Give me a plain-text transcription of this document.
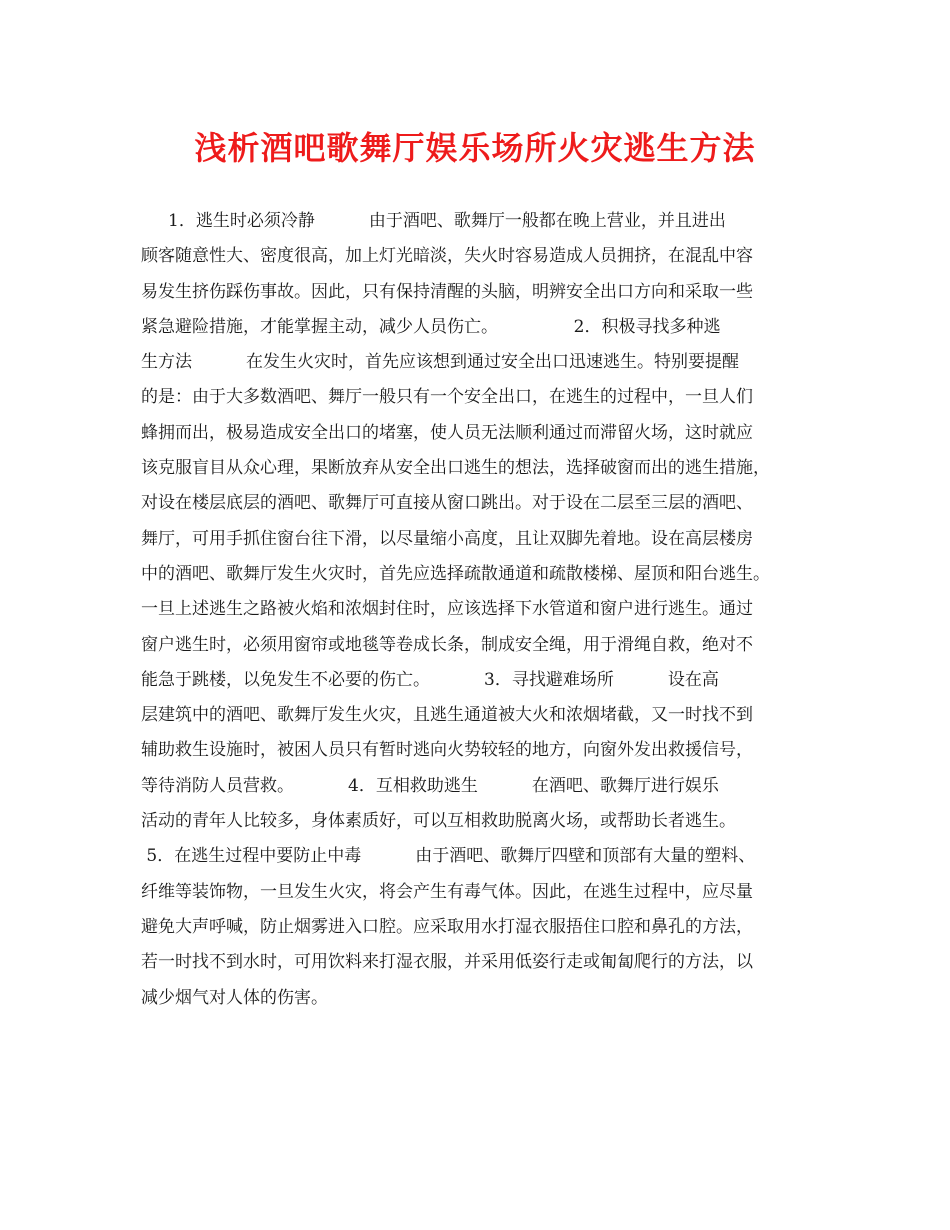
浅析酒吧歌舞厅娱乐场所火灾逃生方法
1．逃生时必须冷静          由于酒吧、歌舞厅一般都在晚上营业，并且进出
顾客随意性大、密度很高，加上灯光暗淡，失火时容易造成人员拥挤，在混乱中容
易发生挤伤踩伤事故。因此，只有保持清醒的头脑，明辨安全出口方向和采取一些
紧急避险措施，才能掌握主动，减少人员伤亡。              2．积极寻找多种逃
生方法          在发生火灾时，首先应该想到通过安全出口迅速逃生。特别要提醒
的是：由于大多数酒吧、舞厅一般只有一个安全出口，在逃生的过程中，一旦人们
蜂拥而出，极易造成安全出口的堵塞，使人员无法顺利通过而滞留火场，这时就应
该克服盲目从众心理，果断放弃从安全出口逃生的想法，选择破窗而出的逃生措施，
对设在楼层底层的酒吧、歌舞厅可直接从窗口跳出。对于设在二层至三层的酒吧、
舞厅，可用手抓住窗台往下滑，以尽量缩小高度，且让双脚先着地。设在高层楼房
中的酒吧、歌舞厅发生火灾时，首先应选择疏散通道和疏散楼梯、屋顶和阳台逃生。
一旦上述逃生之路被火焰和浓烟封住时，应该选择下水管道和窗户进行逃生。通过
窗户逃生时，必须用窗帘或地毯等卷成长条，制成安全绳，用于滑绳自救，绝对不
能急于跳楼，以免发生不必要的伤亡。          3．寻找避难场所          设在高
层建筑中的酒吧、歌舞厅发生火灾，且逃生通道被大火和浓烟堵截，又一时找不到
辅助救生设施时，被困人员只有暂时逃向火势较轻的地方，向窗外发出救援信号，
等待消防人员营救。          4．互相救助逃生          在酒吧、歌舞厅进行娱乐
活动的青年人比较多，身体素质好，可以互相救助脱离火场，或帮助长者逃生。
5．在逃生过程中要防止中毒          由于酒吧、歌舞厅四壁和顶部有大量的塑料、
纤维等装饰物，一旦发生火灾，将会产生有毒气体。因此，在逃生过程中，应尽量
避免大声呼喊，防止烟雾进入口腔。应采取用水打湿衣服捂住口腔和鼻孔的方法，
若一时找不到水时，可用饮料来打湿衣服，并采用低姿行走或匍匐爬行的方法，以
减少烟气对人体的伤害。
